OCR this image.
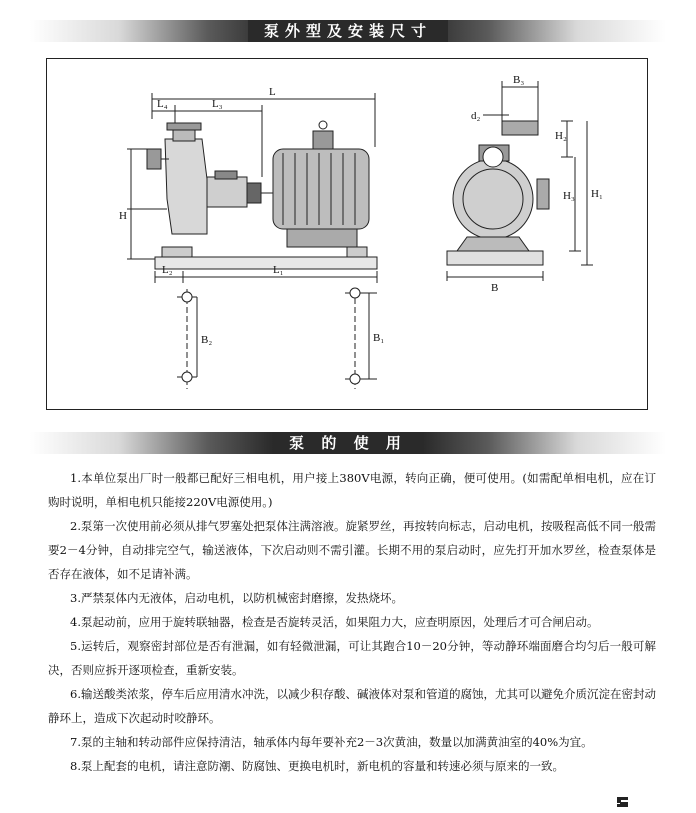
泵外型及安装尺寸
L
L₄	L₃
L₂	L₁
H
B₂	B₁
B₃
d₂
B
H₂
H₃ H₁
泵 的 使 用

1.本单位泵出厂时一般都已配好三相电机，用户接上380V电源，转向正确，便可使用。(如需配单相电机，应在订购时说明，单相电机只能接220V电源使用。)

2.泵第一次使用前必须从排气罗塞处把泵体注满溶液。旋紧罗丝，再按转向标志，启动电机，按吸程高低不同一般需要2－4分钟，自动排完空气，输送液体，下次启动则不需引灌。长期不用的泵启动时，应先打开加水罗丝，检查泵体是否存在液体，如不足请补满。

3.严禁泵体内无液体，启动电机，以防机械密封磨擦，发热烧坏。

4.泵起动前，应用于旋转联轴器，检查是否旋转灵活，如果阻力大，应查明原因，处理后才可合闸启动。

5.运转后，观察密封部位是否有泄漏，如有轻微泄漏，可让其跑合10－20分钟，等动静环端面磨合均匀后一般可解决，否则应拆开逐项检查，重新安装。

6.输送酸类浓浆，停车后应用清水冲洗，以减少积存酸、碱液体对泵和管道的腐蚀，尤其可以避免介质沉淀在密封动静环上，造成下次起动时咬静环。

7.泵的主轴和转动部件应保持清洁，轴承体内每年要补充2－3次黄油，数量以加满黄油室的40%为宜。

8.泵上配套的电机，请注意防潮、防腐蚀、更换电机时，新电机的容量和转速必须与原来的一致。
